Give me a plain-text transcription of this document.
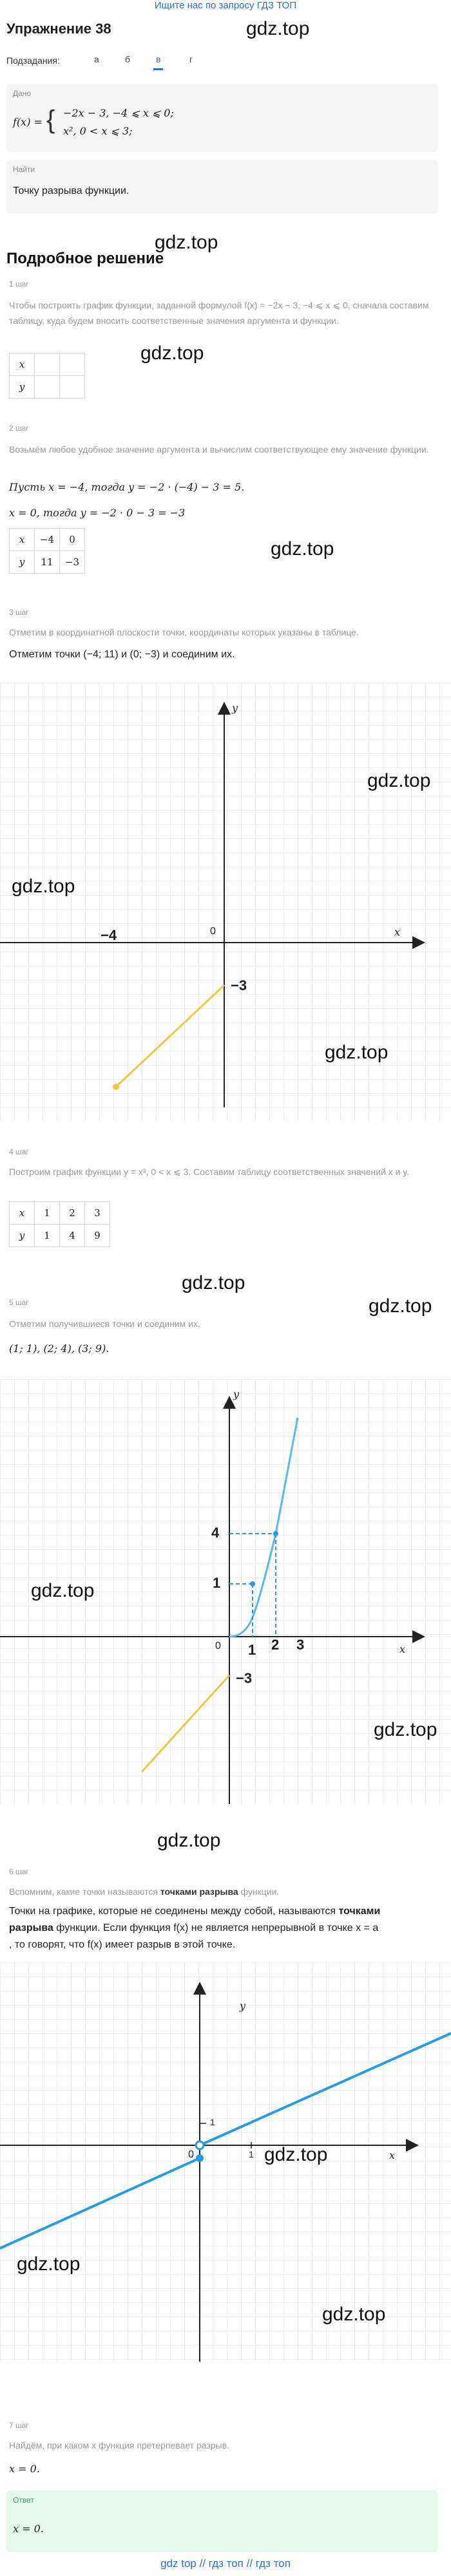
Ищите нас по запросу ГДЗ ТОП
Упражнение 38	gdz.top
Подзадания:	а	б	в	г
Дано
f(x) = { −2x − 3, −4 ⩽ x ⩽ 0;
x², 0 < x ⩽ 3;
Найти
Точку разрыва функции.
gdz.top
Подробное решение
1 шаг
Чтобы построить график функции, заданной формулой f(x) = −2x − 3, −4 ⩽ x ⩽ 0, сначала составим таблицу, куда будем вносить соответственные значения аргумента и функции.
gdz.top
x		
y		
2 шаг
Возьмём любое удобное значение аргумента и вычислим соответствующее ему значение функции.
Пусть x = −4, тогда y = −2 · (−4) − 3 = 5.
x = 0, тогда y = −2 · 0 − 3 = −3
x	−4	0
y	11	−3
gdz.top
3 шаг
Отметим в координатной плоскости точки, координаты которых указаны в таблице.
Отметим точки (−4; 11) и (0; −3) и соединим их.
y
x
0
−4
−3
gdz.top
gdz.top
gdz.top
4 шаг
Построим график функции y = x², 0 < x ⩽ 3. Составим таблицу соответственных значений x и y.
x	1	2	3
y	1	4	9
gdz.top
5 шаг	gdz.top
Отметим получившиеся точки и соединим их.
(1; 1), (2; 4), (3; 9).
y
x
0 1 2 3
1
4
−3
gdz.top
gdz.top
gdz.top
6 шаг
Вспомним, какие точки называются точками разрыва функции.
Точки на графике, которые не соединены между собой, называются точками
разрыва функции. Если функция f(x) не является непрерывной в точке x = a
, то говорят, что f(x) имеет разрыв в этой точке.
y
x
0	1
1
gdz.top
gdz.top
gdz.top
7 шаг
Найдём, при каком x функция претерпевает разрыв.
x = 0.
Ответ
x = 0.
gdz top // гдз топ // гдз топ
